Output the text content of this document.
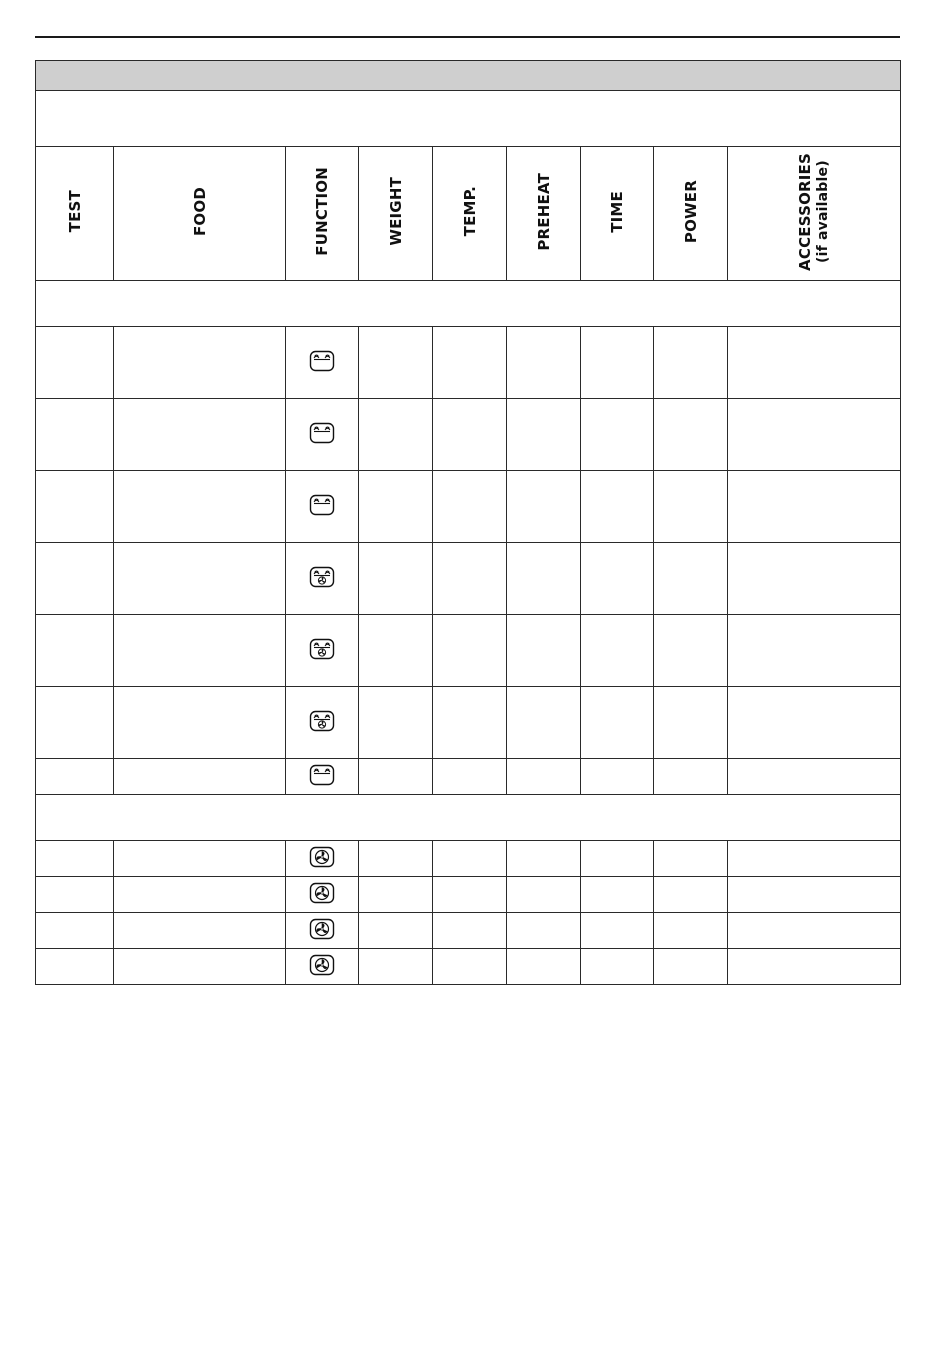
TEST	FOOD	FUNCTION	WEIGHT	TEMP.	PREHEAT	TIME	POWER	ACCESSORIES
(if available)
